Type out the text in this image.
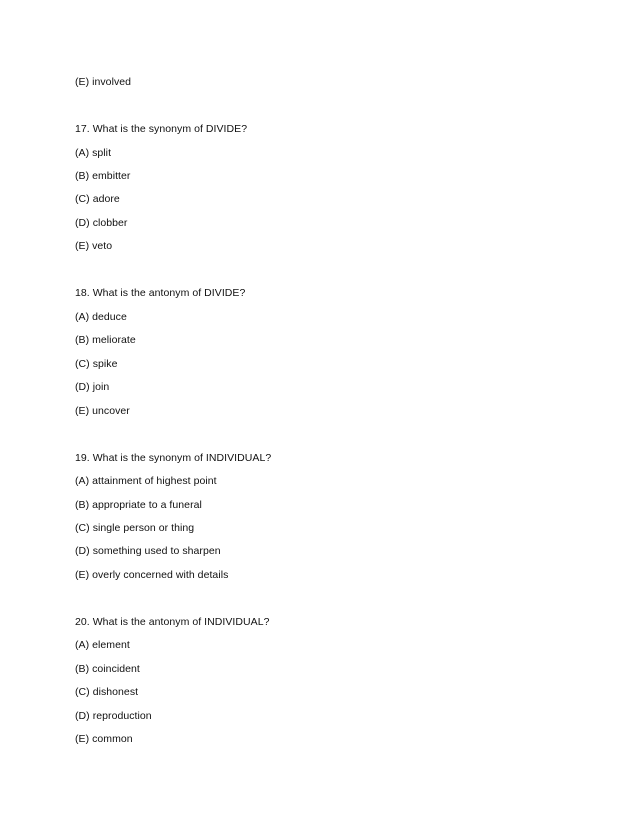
(E) involved
17. What is the synonym of DIVIDE?
(A) split
(B) embitter
(C) adore
(D) clobber
(E) veto
18. What is the antonym of DIVIDE?
(A) deduce
(B) meliorate
(C) spike
(D) join
(E) uncover
19. What is the synonym of INDIVIDUAL?
(A) attainment of highest point
(B) appropriate to a funeral
(C) single person or thing
(D) something used to sharpen
(E) overly concerned with details
20. What is the antonym of INDIVIDUAL?
(A) element
(B) coincident
(C) dishonest
(D) reproduction
(E) common
